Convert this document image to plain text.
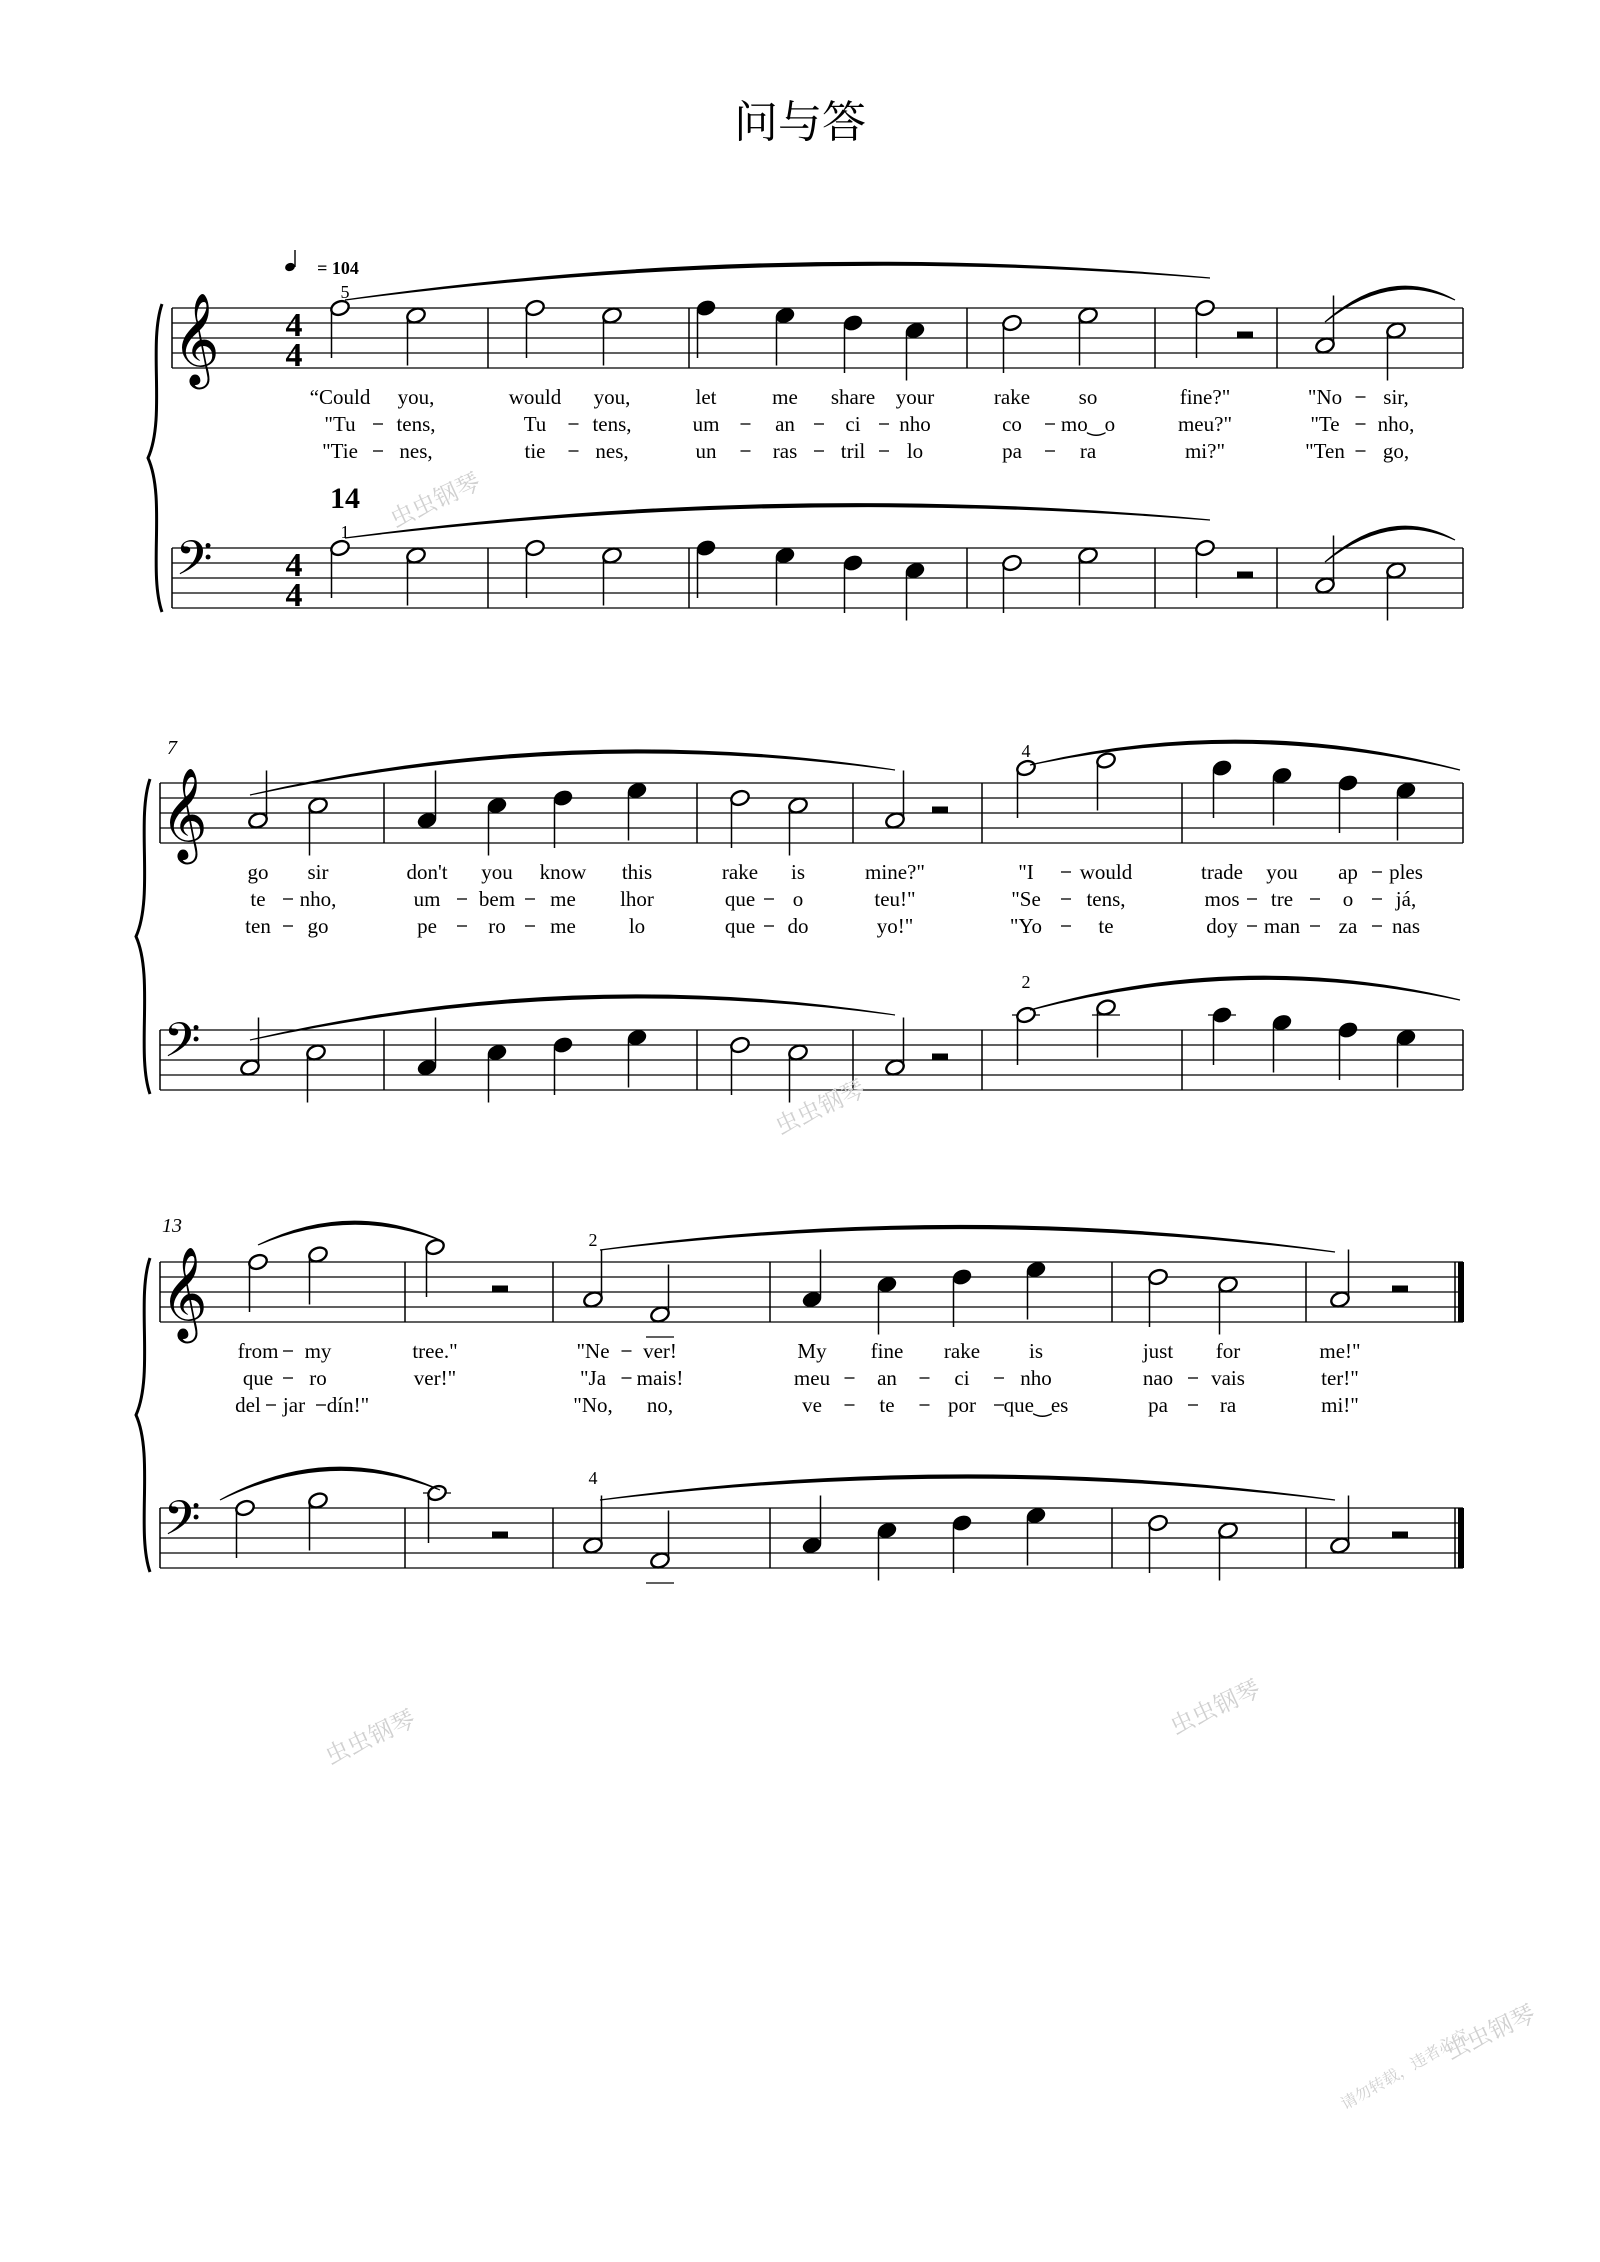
问与答
𝄞
𝄢
4
4
4
4
= 104
14
5
1
“Could you,	would you,	let	me share your	rake so	fine?"	"No sir,
"Tu tens,	Tu tens,	um	an ci nho	co mo‿o	meu?"	"Te nho,
"Tie nes,	tie nes,	un	ras tril lo	pa	ra	mi?"	"Ten go,
𝄞
𝄢
7	4
2
go sir	don't you know this	rake is	mine?"	"I would	trade you ap ples
te nho,	um bem me lhor	que o	teu!"	"Se tens,	mos tre o já,
ten go	pe ro me	lo	que do	yo!"	"Yo	te	doy man za nas
𝄞
𝄢
13
2
4
from my	tree."	"Ne ver!	My fine rake is	just for	me!"
que ro	ver!"	"Ja mais!	meu an	ci nho	nao vais	ter!"
del jar dín!"	"No, no,	ve	te	por que‿es	pa ra	mi!"
虫虫钢琴
虫虫钢琴
虫虫钢琴	虫虫钢琴
虫虫钢琴
请勿转载，违者必究
